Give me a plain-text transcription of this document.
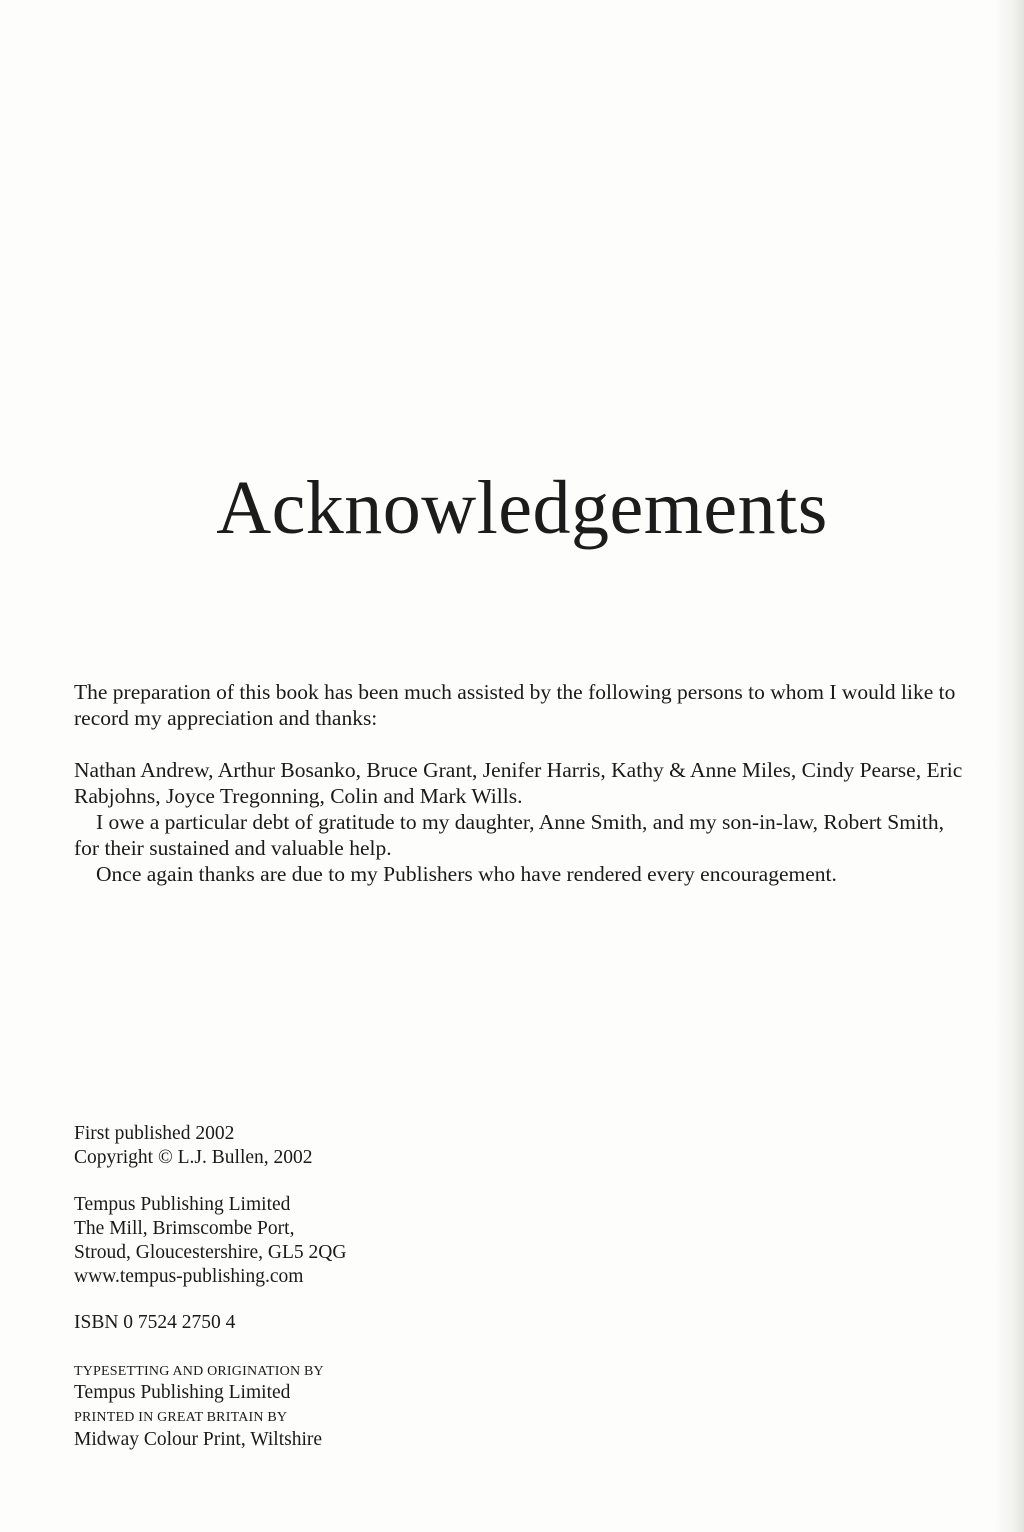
Acknowledgements

The preparation of this book has been much assisted by the following persons to whom I would like to record my appreciation and thanks:

Nathan Andrew, Arthur Bosanko, Bruce Grant, Jenifer Harris, Kathy & Anne Miles, Cindy Pearse, Eric Rabjohns, Joyce Tregonning, Colin and Mark Wills.

I owe a particular debt of gratitude to my daughter, Anne Smith, and my son-in-law, Robert Smith, for their sustained and valuable help.

Once again thanks are due to my Publishers who have rendered every encouragement.

First published 2002

Copyright © L.J. Bullen, 2002

Tempus Publishing Limited

The Mill, Brimscombe Port,

Stroud, Gloucestershire, GL5 2QG

www.tempus-publishing.com

ISBN 0 7524 2750 4

TYPESETTING AND ORIGINATION BY

Tempus Publishing Limited

PRINTED IN GREAT BRITAIN BY

Midway Colour Print, Wiltshire
